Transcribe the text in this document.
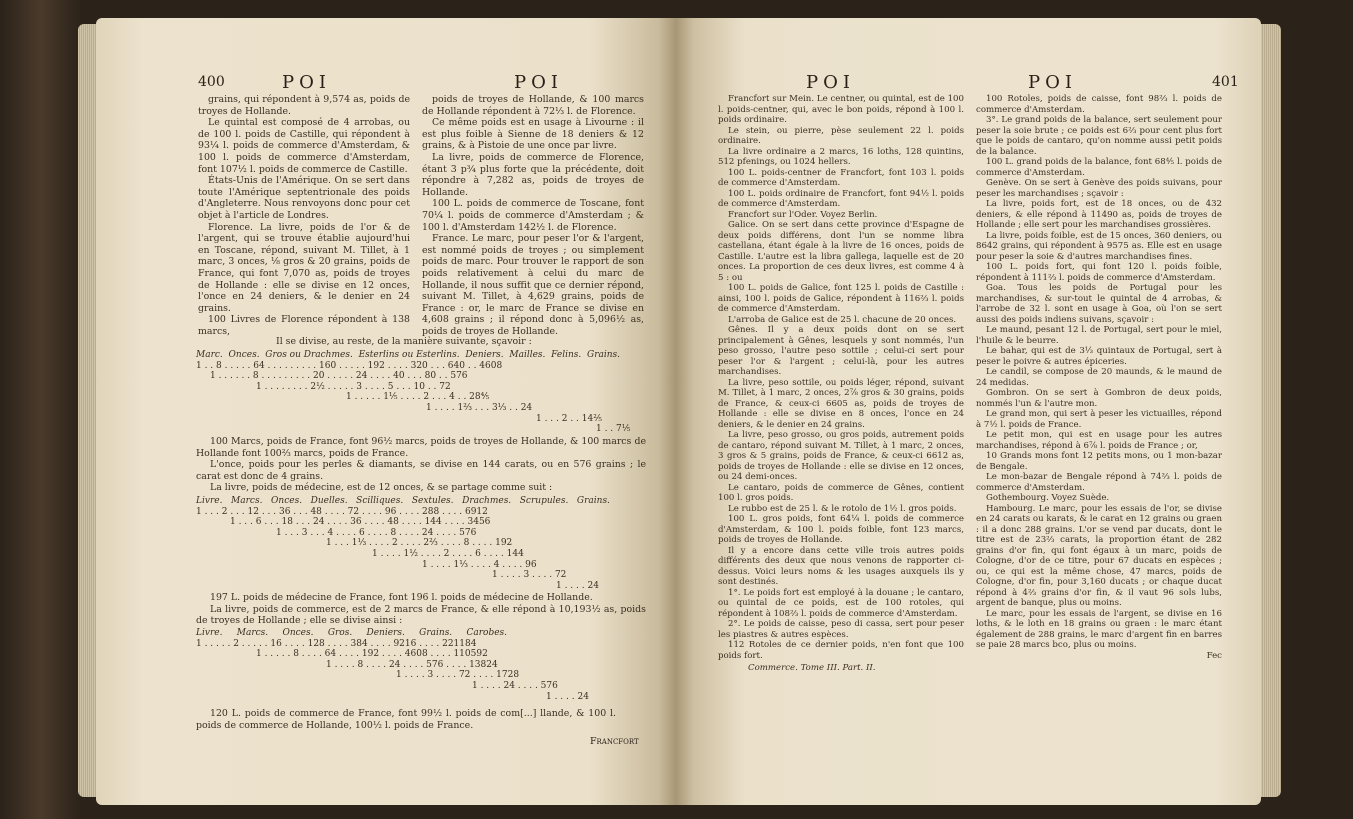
400	POI	POI

grains, qui répondent à 9,574 as, poids de troyes de Hollande.

Le quintal est composé de 4 arrobas, ou de 100 l. poids de Castille, qui répondent à 93¼ l. poids de commerce d'Amsterdam, & 100 l. poids de commerce d'Amsterdam, font 107½ l. poids de commerce de Castille.

États-Unis de l'Amérique. On se sert dans toute l'Amérique septentrionale des poids d'Angleterre. Nous renvoyons donc pour cet objet à l'article de Londres.

Florence. La livre, poids de l'or & de l'argent, qui se trouve établie aujourd'hui en Toscane, répond, suivant M. Tillet, à 1 marc, 3 onces, ⅛ gros & 20 grains, poids de France, qui font 7,070 as, poids de troyes de Hollande : elle se divise en 12 onces, l'once en 24 deniers, & le denier en 24 grains.

100 Livres de Florence répondent à 138 marcs,

poids de troyes de Hollande, & 100 marcs de Hollande répondent à 72⅓ l. de Florence.

Ce même poids est en usage à Livourne : il est plus foible à Sienne de 18 deniers & 12 grains, & à Pistoie de une once par livre.

La livre, poids de commerce de Florence, étant 3 p¾ plus forte que la précédente, doit répondre à 7,282 as, poids de troyes de Hollande.

100 L. poids de commerce de Toscane, font 70¼ l. poids de commerce d'Amsterdam ; & 100 l. d'Amsterdam 142½ l. de Florence.

France. Le marc, pour peser l'or & l'argent, est nommé poids de troyes ; ou simplement poids de marc. Pour trouver le rapport de son poids relativement à celui du marc de Hollande, il nous suffit que ce dernier répond, suivant M. Tillet, à 4,629 grains, poids de France : or, le marc de France se divise en 4,608 grains ; il répond donc à 5,096½ as, poids de troyes de Hollande.

Il se divise, au reste, de la manière suivante, sçavoir :
Marc. Onces. Gros ou Drachmes. Esterlins ou Esterlins. Deniers. Mailles. Felins. Grains.
1 . . 8 . . . . . 64 . . . . . . . . . 160 . . . . . 192 . . . . 320 . . . 640 . . 4608
1 . . . . . . 8 . . . . . . . . . 20 . . . . . 24 . . . . 40 . . . 80 . . 576
1 . . . . . . . . 2½ . . . . . 3 . . . . 5 . . . 10 . . 72
1 . . . . . 1⅕ . . . . 2 . . . 4 . . 28⅘
1 . . . . 1⅔ . . . 3⅓ . . 24
1 . . . 2 . . 14⅖
1 . . 7⅕

100 Marcs, poids de France, font 96½ marcs, poids de troyes de Hollande, & 100 marcs de Hollande font 100⅔ marcs, poids de France.

L'once, poids pour les perles & diamants, se divise en 144 carats, ou en 576 grains ; le carat est donc de 4 grains.

La livre, poids de médecine, est de 12 onces, & se partage comme suit :

Livre. Marcs. Onces. Duelles. Scilliques. Sextules. Drachmes. Scrupules. Grains.
1 . . . 2 . . . 12 . . . 36 . . . 48 . . . . 72 . . . . 96 . . . . 288 . . . . 6912
1 . . . 6 . . . 18 . . . 24 . . . . 36 . . . . 48 . . . . 144 . . . . 3456
1 . . . 3 . . . 4 . . . . 6 . . . . 8 . . . . 24 . . . . 576
1 . . . 1⅓ . . . . 2 . . . . 2⅔ . . . . 8 . . . . 192
1 . . . . 1½ . . . . 2 . . . . 6 . . . . 144
1 . . . . 1⅓ . . . . 4 . . . . 96
1 . . . . 3 . . . . 72
1 . . . . 24

197 L. poids de médecine de France, font 196 l. poids de médecine de Hollande.

La livre, poids de commerce, est de 2 marcs de France, & elle répond à 10,193½ as, poids de troyes de Hollande ; elle se divise ainsi :

Livre. Marcs. Onces. Gros. Deniers. Grains. Carobes.
1 . . . . . 2 . . . . . 16 . . . . 128 . . . . 384 . . . . 9216 . . . . 221184
1 . . . . . 8 . . . . 64 . . . . 192 . . . . 4608 . . . . 110592
1 . . . . 8 . . . . 24 . . . . 576 . . . . 13824
1 . . . . 3 . . . . 72 . . . . 1728
1 . . . . 24 . . . . 576
1 . . . . 24

120 L. poids de commerce de France, font 99½ l. poids de com[...] llande, & 100 l. poids de commerce de Hollande, 100½ l. poids de France.

Francfort
POI	POI	401

Francfort sur Mein. Le centner, ou quintal, est de 100 l. poids-centner, qui, avec le bon poids, répond à 100 l. poids ordinaire.

Le stein, ou pierre, pèse seulement 22 l. poids ordinaire.

La livre ordinaire a 2 marcs, 16 loths, 128 quintins, 512 pfenings, ou 1024 hellers.

100 L. poids-centner de Francfort, font 103 l. poids de commerce d'Amsterdam.

100 L. poids ordinaire de Francfort, font 94½ l. poids de commerce d'Amsterdam.

Francfort sur l'Oder. Voyez Berlin.

Galice. On se sert dans cette province d'Espagne de deux poids différens, dont l'un se nomme libra castellana, étant égale à la livre de 16 onces, poids de Castille. L'autre est la libra gallega, laquelle est de 20 onces. La proportion de ces deux livres, est comme 4 à 5 : ou

100 L. poids de Galice, font 125 l. poids de Castille : ainsi, 100 l. poids de Galice, répondent à 116⅔ l. poids de commerce d'Amsterdam.

L'arroba de Galice est de 25 l. chacune de 20 onces.

Gênes. Il y a deux poids dont on se sert principalement à Gênes, lesquels y sont nommés, l'un peso grosso, l'autre peso sottile ; celui-ci sert pour peser l'or & l'argent ; celui-là, pour les autres marchandises.

La livre, peso sottile, ou poids léger, répond, suivant M. Tillet, à 1 marc, 2 onces, 2⅞ gros & 30 grains, poids de France, & ceux-ci 6605 as, poids de troyes de Hollande : elle se divise en 8 onces, l'once en 24 deniers, & le denier en 24 grains.

La livre, peso grosso, ou gros poids, autrement poids de cantaro, répond suivant M. Tillet, à 1 marc, 2 onces, 3 gros & 5 grains, poids de France, & ceux-ci 6612 as, poids de troyes de Hollande : elle se divise en 12 onces, ou 24 demi-onces.

Le cantaro, poids de commerce de Gênes, contient 100 l. gros poids.

Le rubbo est de 25 l. & le rotolo de 1½ l. gros poids.

100 L. gros poids, font 64¼ l. poids de commerce d'Amsterdam, & 100 l. poids foible, font 123 marcs, poids de troyes de Hollande.

Il y a encore dans cette ville trois autres poids différents des deux que nous venons de rapporter ci-dessus. Voici leurs noms & les usages auxquels ils y sont destinés.

1°. Le poids fort est employé à la douane ; le cantaro, ou quintal de ce poids, est de 100 rotoles, qui répondent à 108⅔ l. poids de commerce d'Amsterdam.

2°. Le poids de caisse, peso di cassa, sert pour peser les piastres & autres espèces.

112 Rotoles de ce dernier poids, n'en font que 100 poids fort.

Commerce. Tome III. Part. II.

100 Rotoles, poids de caisse, font 98⅔ l. poids de commerce d'Amsterdam.

3°. Le grand poids de la balance, sert seulement pour peser la soie brute ; ce poids est 6⅔ pour cent plus fort que le poids de cantaro, qu'on nomme aussi petit poids de la balance.

100 L. grand poids de la balance, font 68⅘ l. poids de commerce d'Amsterdam.

Genève. On se sert à Genève des poids suivans, pour peser les marchandises ; sçavoir :

La livre, poids fort, est de 18 onces, ou de 432 deniers, & elle répond à 11490 as, poids de troyes de Hollande ; elle sert pour les marchandises grossières.

La livre, poids foible, est de 15 onces, 360 deniers, ou 8642 grains, qui répondent à 9575 as. Elle est en usage pour peser la soie & d'autres marchandises fines.

100 L. poids fort, qui font 120 l. poids foible, répondent à 111⅔ l. poids de commerce d'Amsterdam.

Goa. Tous les poids de Portugal pour les marchandises, & sur-tout le quintal de 4 arrobas, & l'arrobe de 32 l. sont en usage à Goa, où l'on se sert aussi des poids indiens suivans, sçavoir :

Le maund, pesant 12 l. de Portugal, sert pour le miel, l'huile & le beurre.

Le bahar, qui est de 3⅓ quintaux de Portugal, sert à peser le poivre & autres épiceries.

Le candil, se compose de 20 maunds, & le maund de 24 medidas.

Gombron. On se sert à Gombron de deux poids, nommés l'un & l'autre mon.

Le grand mon, qui sert à peser les victuailles, répond à 7½ l. poids de France.

Le petit mon, qui est en usage pour les autres marchandises, répond à 6⅞ l. poids de France ; or,

10 Grands mons font 12 petits mons, ou 1 mon-bazar de Bengale.

Le mon-bazar de Bengale répond à 74⅔ l. poids de commerce d'Amsterdam.

Gothembourg. Voyez Suède.

Hambourg. Le marc, pour les essais de l'or, se divise en 24 carats ou karats, & le carat en 12 grains ou graen : il a donc 288 grains. L'or se vend par ducats, dont le titre est de 23⅔ carats, la proportion étant de 282 grains d'or fin, qui font égaux à un marc, poids de Cologne, d'or de ce titre, pour 67 ducats en espèces ; ou, ce qui est la même chose, 47 marcs, poids de Cologne, d'or fin, pour 3,160 ducats ; or chaque ducat répond à 4⅔ grains d'or fin, & il vaut 96 sols lubs, argent de banque, plus ou moins.

Le marc, pour les essais de l'argent, se divise en 16 loths, & le loth en 18 grains ou graen : le marc étant également de 288 grains, le marc d'argent fin en barres se paie 28 marcs bco, plus ou moins.

Fec
